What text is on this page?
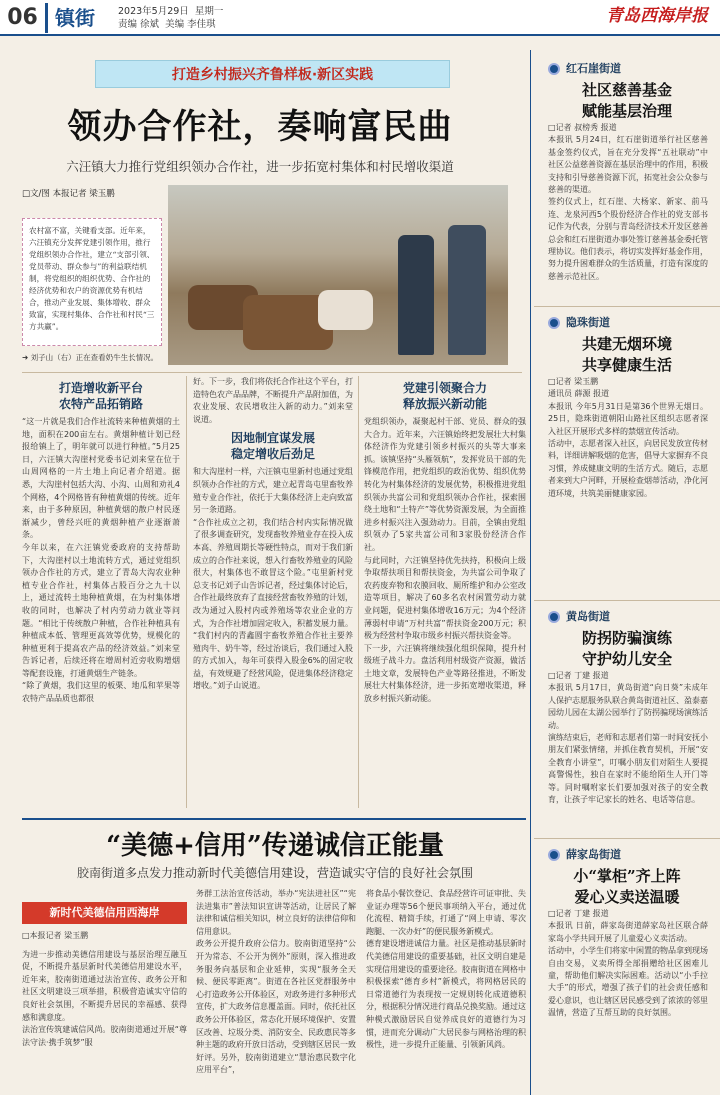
06 镇街 2023年5月29日 星期一
责编 徐斌 美编 李佳琪	青岛西海岸报
打造乡村振兴齐鲁样板·新区实践
领办合作社，奏响富民曲
六汪镇大力推行党组织领办合作社，进一步拓宽村集体和村民增收渠道
□文/图 本报记者 梁玉鹏
农村富不富，关键看支部。近年来，六汪镇充分发挥党建引领作用，推行党组织领办合作社，建立“支部引领、党员带动、群众参与”的利益联结机制，将党组织的组织优势、合作社的经济优势和农户的资源优势有机结合，推动产业发展、集体增收、群众致富，实现村集体、合作社和村民“三方共赢”。
➜ 刘子山（右）正在查看奶牛生长情况。
打造增收新平台
农特产品拓销路

“这一片就是我们合作社流转来种植黄烟的土地，面积在200亩左右。黄烟种植计划已经报给镇上了，明年就可以进行种植。”5月25日，六汪镇大沟崖村党委书记刘来堂在位于山周网格的一片土地上向记者介绍道。据悉，大沟崖村包括大沟、小沟、山周和劝礼4个网格，4个网格皆有种植黄烟的传统。近年来，由于多种原因，种植黄烟的散户村民逐渐减少，曾经兴旺的黄烟种植产业逐渐萧条。

今年以来，在六汪镇党委政府的支持帮助下，大沟崖村以土地流转方式，通过党组织领办合作社的方式，建立了青岛大沟农业种植专业合作社，村集体占股百分之九十以上，通过流转土地种植黄烟，在为村集体增收的同时，也解决了村内劳动力就业等问题。“相比于传统散户种植，合作社种植具有种植成本低、管理更高效等优势，规模化的种植更利于提高农产品的经济效益。”刘来堂告诉记者，后续还将在增周村近旁收购增烟等配套设施，打通黄烟生产链条。

“除了黄烟，我们这里的板栗、地瓜和苹果等农特产品品质也都很

好。下一步，我们将依托合作社这个平台，打造特色农产品品牌，不断提升产品附加值，为农业发展、农民增收注入新的动力。”刘来堂说道。

因地制宜谋发展
稳定增收后劲足

和大沟崖村一样，六汪镇屯里新村也通过党组织领办合作社的方式，建立起青岛屯里畜牧养殖专业合作社，依托于大集体经济上走向致富另一条道路。

“合作社成立之初，我们结合村内实际情况做了很多调查研究，发现畜牧养殖业存在投入成本高、养殖周期长等硬性特点，而对于我们新成立的合作社来说，想入行畜牧养殖业的风险很大，村集体也不敢冒这个险。”屯里新村党总支书记刘子山告诉记者，经过集体讨论后，合作社最终放弃了直接经营畜牧养殖的计划，改为通过入股村内或养殖场等农业企业的方式，为合作社增加固定收入，积蓄发展力量。

“我们村内的青鑫圆宇畜牧养殖合作社主要养殖肉牛、奶牛等，经过治谈后，我们通过入股的方式加入，每年可获得入股金6%的固定收益，有效规避了经营风险，促进集体经济稳定增收。”刘子山说道。

党建引领聚合力
释放振兴新动能

党组织领办，凝聚起村干部、党员、群众的强大合力。近年来，六汪镇始终把发展壮大村集体经济作为党建引领乡村振兴的头等大事来抓。该镇坚持“头雁领航”，发挥党员干部的先锋模范作用，把党组织的政治优势、组织优势转化为村集体经济的发展优势，积极推进党组织领办共富公司和党组织领办合作社，探索围绕土地和“土特产”等优势资源发展，为全面推进乡村振兴注入强劲动力。目前，全镇由党组织领办了5家共富公司和3家股份经济合作社。

与此同时，六汪镇坚持优先扶持，积极向上级争取帮扶项目和帮扶资金，为共富公司争取了农药废弃物和农膜回收、厕所维护和办公室改造等项目，解决了60多名农村闲置劳动力就业问题，促进村集体增收16万元；为4个经济薄弱村申请“万村共富”帮扶资金200万元；积极为经营村争取市级乡村振兴帮扶资金等。

下一步，六汪镇将继续强化组织保障，提升村级班子战斗力。盘活利用村级资产资源，做活土地文章，发展特色产业等路径推进，不断发展壮大村集体经济，进一步拓宽增收渠道，释放乡村振兴新动能。

“美德+信用”传递诚信正能量
胶南街道多点发力推动新时代美德信用建设，营造诚实守信的良好社会氛围
新时代美德信用西海岸

□本报记者 梁玉鹏

为进一步推动美德信用建设与基层治理互融互促，不断提升基层新时代美德信用建设水平，近年来，胶南街道通过法治宣传、政务公开和社区文明建设三项举措，积极营造诚实守信的良好社会氛围，不断提升居民的幸福感、获得感和满意度。

法治宣传筑建诚信风尚。胶南街道通过开展“尊法守法·携手筑梦”服

务群工法治宣传活动，举办“宪法进社区”“宪法进集市”普法知识宣讲等活动，让居民了解法律和诚信相关知识，树立良好的法律信仰和信用意识。

政务公开提升政府公信力。胶南街道坚持“公开为常态、不公开为例外”原则，深入推进政务服务向基层和企业延伸，实现“服务全天候、便民零距离”。街道在各社区党群服务中心打造政务公开体验区，对政务进行多种形式宣传，扩大政务信息覆盖面。同时，依托社区政务公开体验区，常态化开展环境保护、安置区改善、垃圾分类、消防安全、民政惠民等多种主题的政府开放日活动，受到辖区居民一致好评。另外，胶南街道建立“慧治惠民数字化应用平台”，

将食品小餐饮登记、食品经营许可证审批、失业证办理等56个便民事项纳入平台，通过优化流程、精简手续，打通了“网上申请、零次跑腿、一次办好”的便民服务新模式。

德育建设增进诚信力量。社区是推动基层新时代美德信用建设的重要基础，社区文明自建是实现信用建设的重要途径。胶南街道在网格中积极探索“德育乡村”新模式，将网格居民的日常道德行为表现按一定规则转化成道德积分，根据积分情况进行商品兑换奖励。通过这种模式激励居民自觉养成良好的道德行为习惯，进而充分调动广大居民参与网格治理的积极性，进一步提升正能量、引领新风尚。

红石崖街道
社区慈善基金
赋能基层治理
□记者 叔榜秀 报道
本报讯 5月24日，红石崖街道举行社区慈善基金签约仪式，旨在充分发挥“五社联动”中社区公益慈善资源在基层治理中的作用，积极支持和引导慈善资源下沉，拓宽社会公众参与慈善的渠道。
签约仪式上，红石崖、大杨家、新家、前马连、龙泉河西5个股份经济合作社的党支部书记作为代表，分别与青岛经济技术开发区慈善总会和红石崖街道办事处签订慈善基金委托管理协议。他们表示，将切实发挥好基金作用，努力提升困难群众的生活质量，打造有深度的慈善示范社区。
隐珠街道
共建无烟环境
共享健康生活
□记者 梁玉鹏
通讯员 薛源 报道
本报讯 今年5月31日是第36个世界无烟日。25日，隐珠街道朝阳山路社区组织志愿者深入社区开展形式多样的禁烟宣传活动。
活动中，志愿者深入社区，向居民发放宣传材料，详细讲解吸烟的危害，倡导大家摒弃不良习惯，养成健康文明的生活方式。随后，志愿者来到大户河畔，开展检查烟蒂活动，净化河道环境，共筑美丽健康家园。
黄岛街道
防拐防骗演练
守护幼儿安全
□记者 丁建 报道
本报讯 5月17日，黄岛街道“向日葵”未成年人保护志愿服务队联合黄岛街道社区、盈泰嘉园幼儿园在太湖公园举行了防拐骗现场演练活动。
演练结束后，老师和志愿者们第一时间安抚小朋友们紧张情绪，并抓住教育契机，开展“安全教育小讲堂”，叮嘱小朋友们对陌生人要提高警惕性，独自在家时不能给陌生人开门等等。同时嘱咐家长们要加强对孩子的安全教育，让孩子牢记家长的姓名、电话等信息。
薛家岛街道
小“掌柜”齐上阵
爱心义卖送温暖
□记者 丁建 报道
本报讯 日前，薛家岛街道薛家岛社区联合薛家岛小学共同开展了儿童爱心义卖活动。
活动中，小学生们将家中闲置的物品拿到现场自由交易，义卖所得全部捐赠给社区困难儿童，帮助他们解决实际困难。活动以“小手拉大手”的形式，增强了孩子们的社会责任感和爱心意识，也让辖区居民感受到了浓浓的邻里温情，营造了互帮互助的良好氛围。
